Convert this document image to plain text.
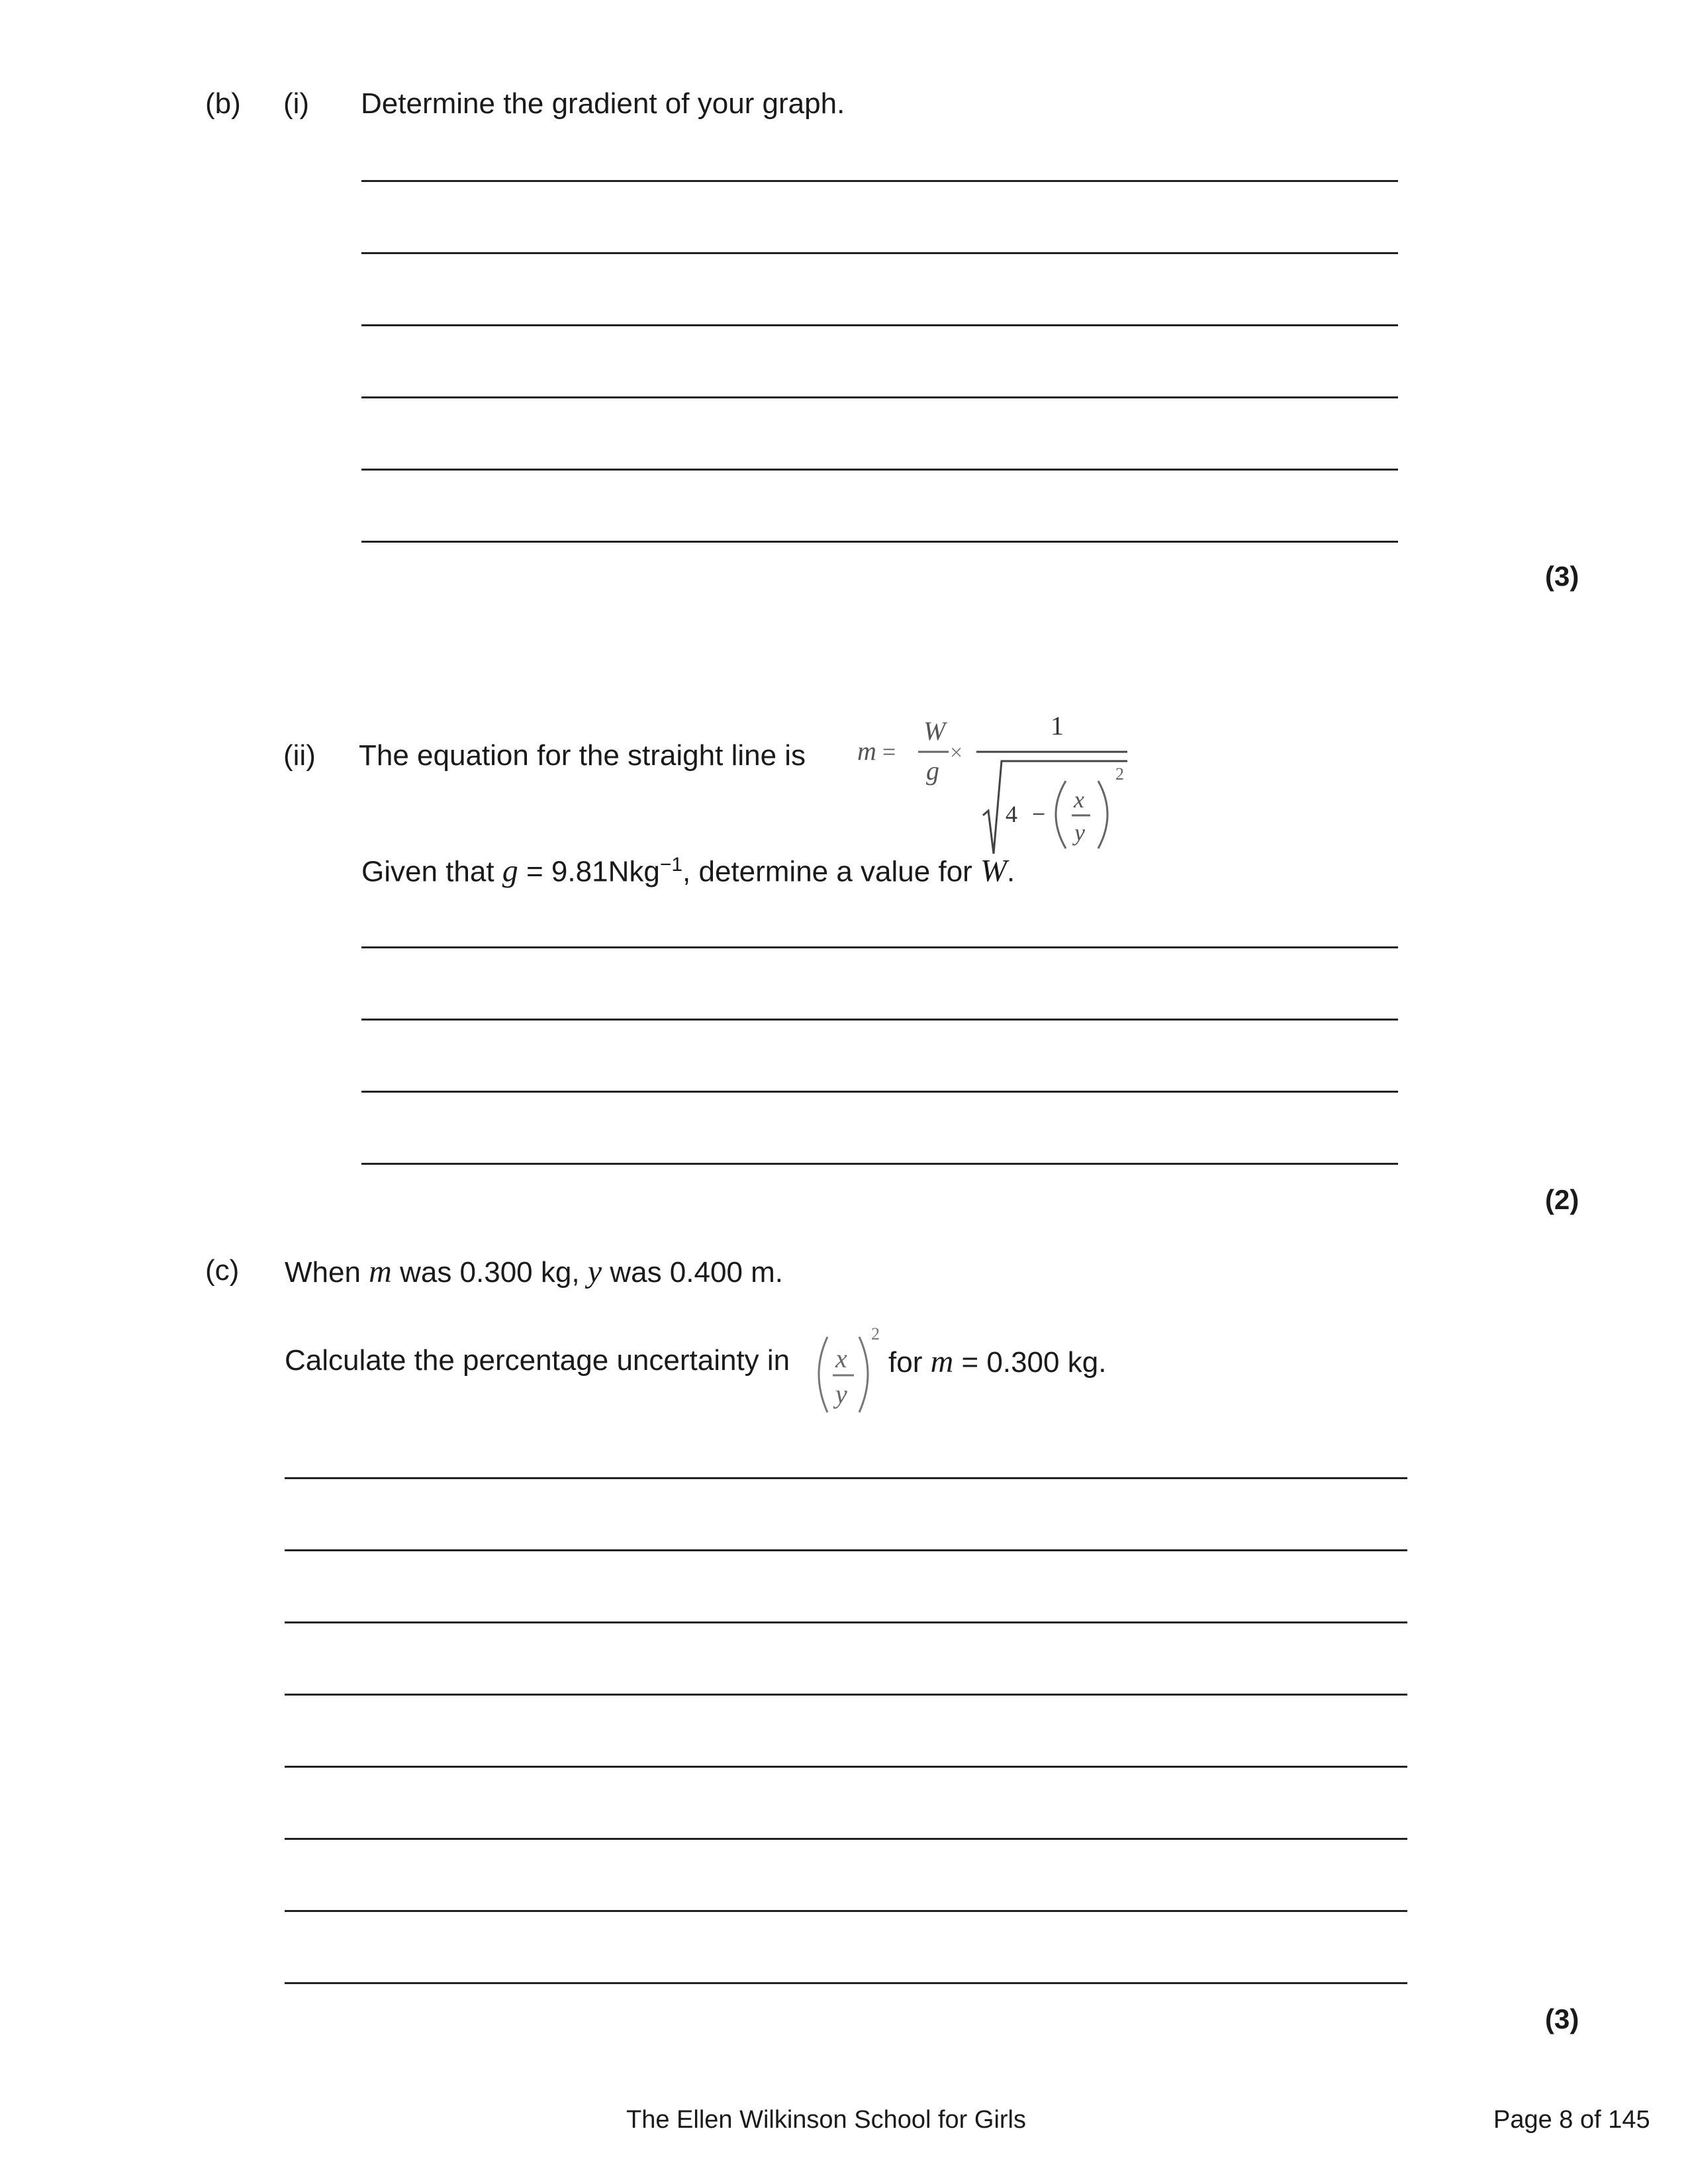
(b) (i) Determine the gradient of your graph.
(3)
(ii) The equation for the straight line is m =
W
g
×
1
4 −
x
y
2
Given that g = 9.81Nkg$^{-1}$, determine a value for W.
(2)
(c) When m was 0.300 kg, y was 0.400 m.
Calculate the percentage uncertainty in x
y
2
for m = 0.300 kg.
(3)
The Ellen Wilkinson School for Girls	Page 8 of 145
